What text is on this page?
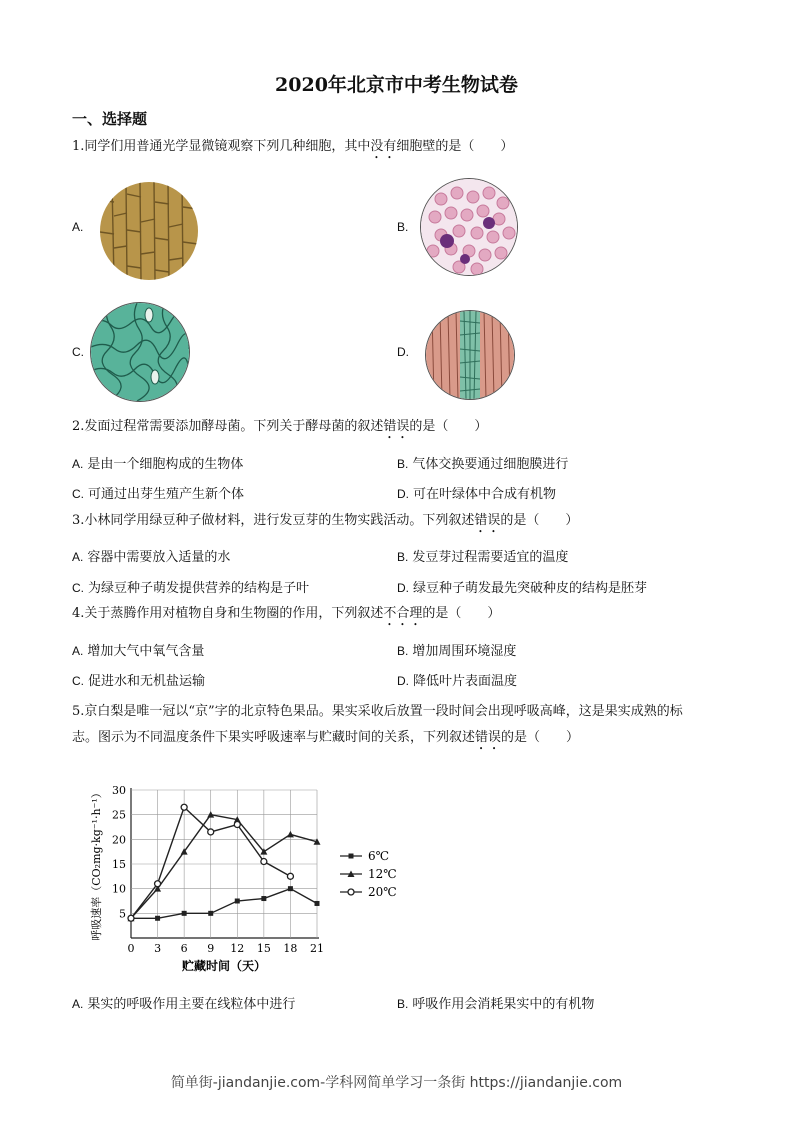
2020年北京市中考生物试卷
一、选择题
1.同学们用普通光学显微镜观察下列几种细胞，其中没有细胞壁的是（　　）
A.	B.
C.	D.
2.发面过程常需要添加酵母菌。下列关于酵母菌的叙述错误的是（　　）
A. 是由一个细胞构成的生物体	B. 气体交换要通过细胞膜进行
C. 可通过出芽生殖产生新个体	D. 可在叶绿体中合成有机物
3.小林同学用绿豆种子做材料，进行发豆芽的生物实践活动。下列叙述错误的是（　　）
A. 容器中需要放入适量的水	B. 发豆芽过程需要适宜的温度
C. 为绿豆种子萌发提供营养的结构是子叶	D. 绿豆种子萌发最先突破种皮的结构是胚芽
4.关于蒸腾作用对植物自身和生物圈的作用，下列叙述不合理的是（　　）
A. 增加大气中氧气含量	B. 增加周围环境湿度
C. 促进水和无机盐运输	D. 降低叶片表面温度
5.京白梨是唯一冠以“京”字的北京特色果品。果实采收后放置一段时间会出现呼吸高峰，这是果实成熟的标
志。图示为不同温度条件下果实呼吸速率与贮藏时间的关系，下列叙述错误的是（　　）
0 3 6 9 12 15 18 21
5
10
15
20
25
30
6℃
12℃
20℃
贮藏时间（天）
呼吸速率（CO₂mg·kg⁻¹·h⁻¹）
A. 果实的呼吸作用主要在线粒体中进行	B. 呼吸作用会消耗果实中的有机物
简单街-jiandanjie.com-学科网简单学习一条街 https://jiandanjie.com
